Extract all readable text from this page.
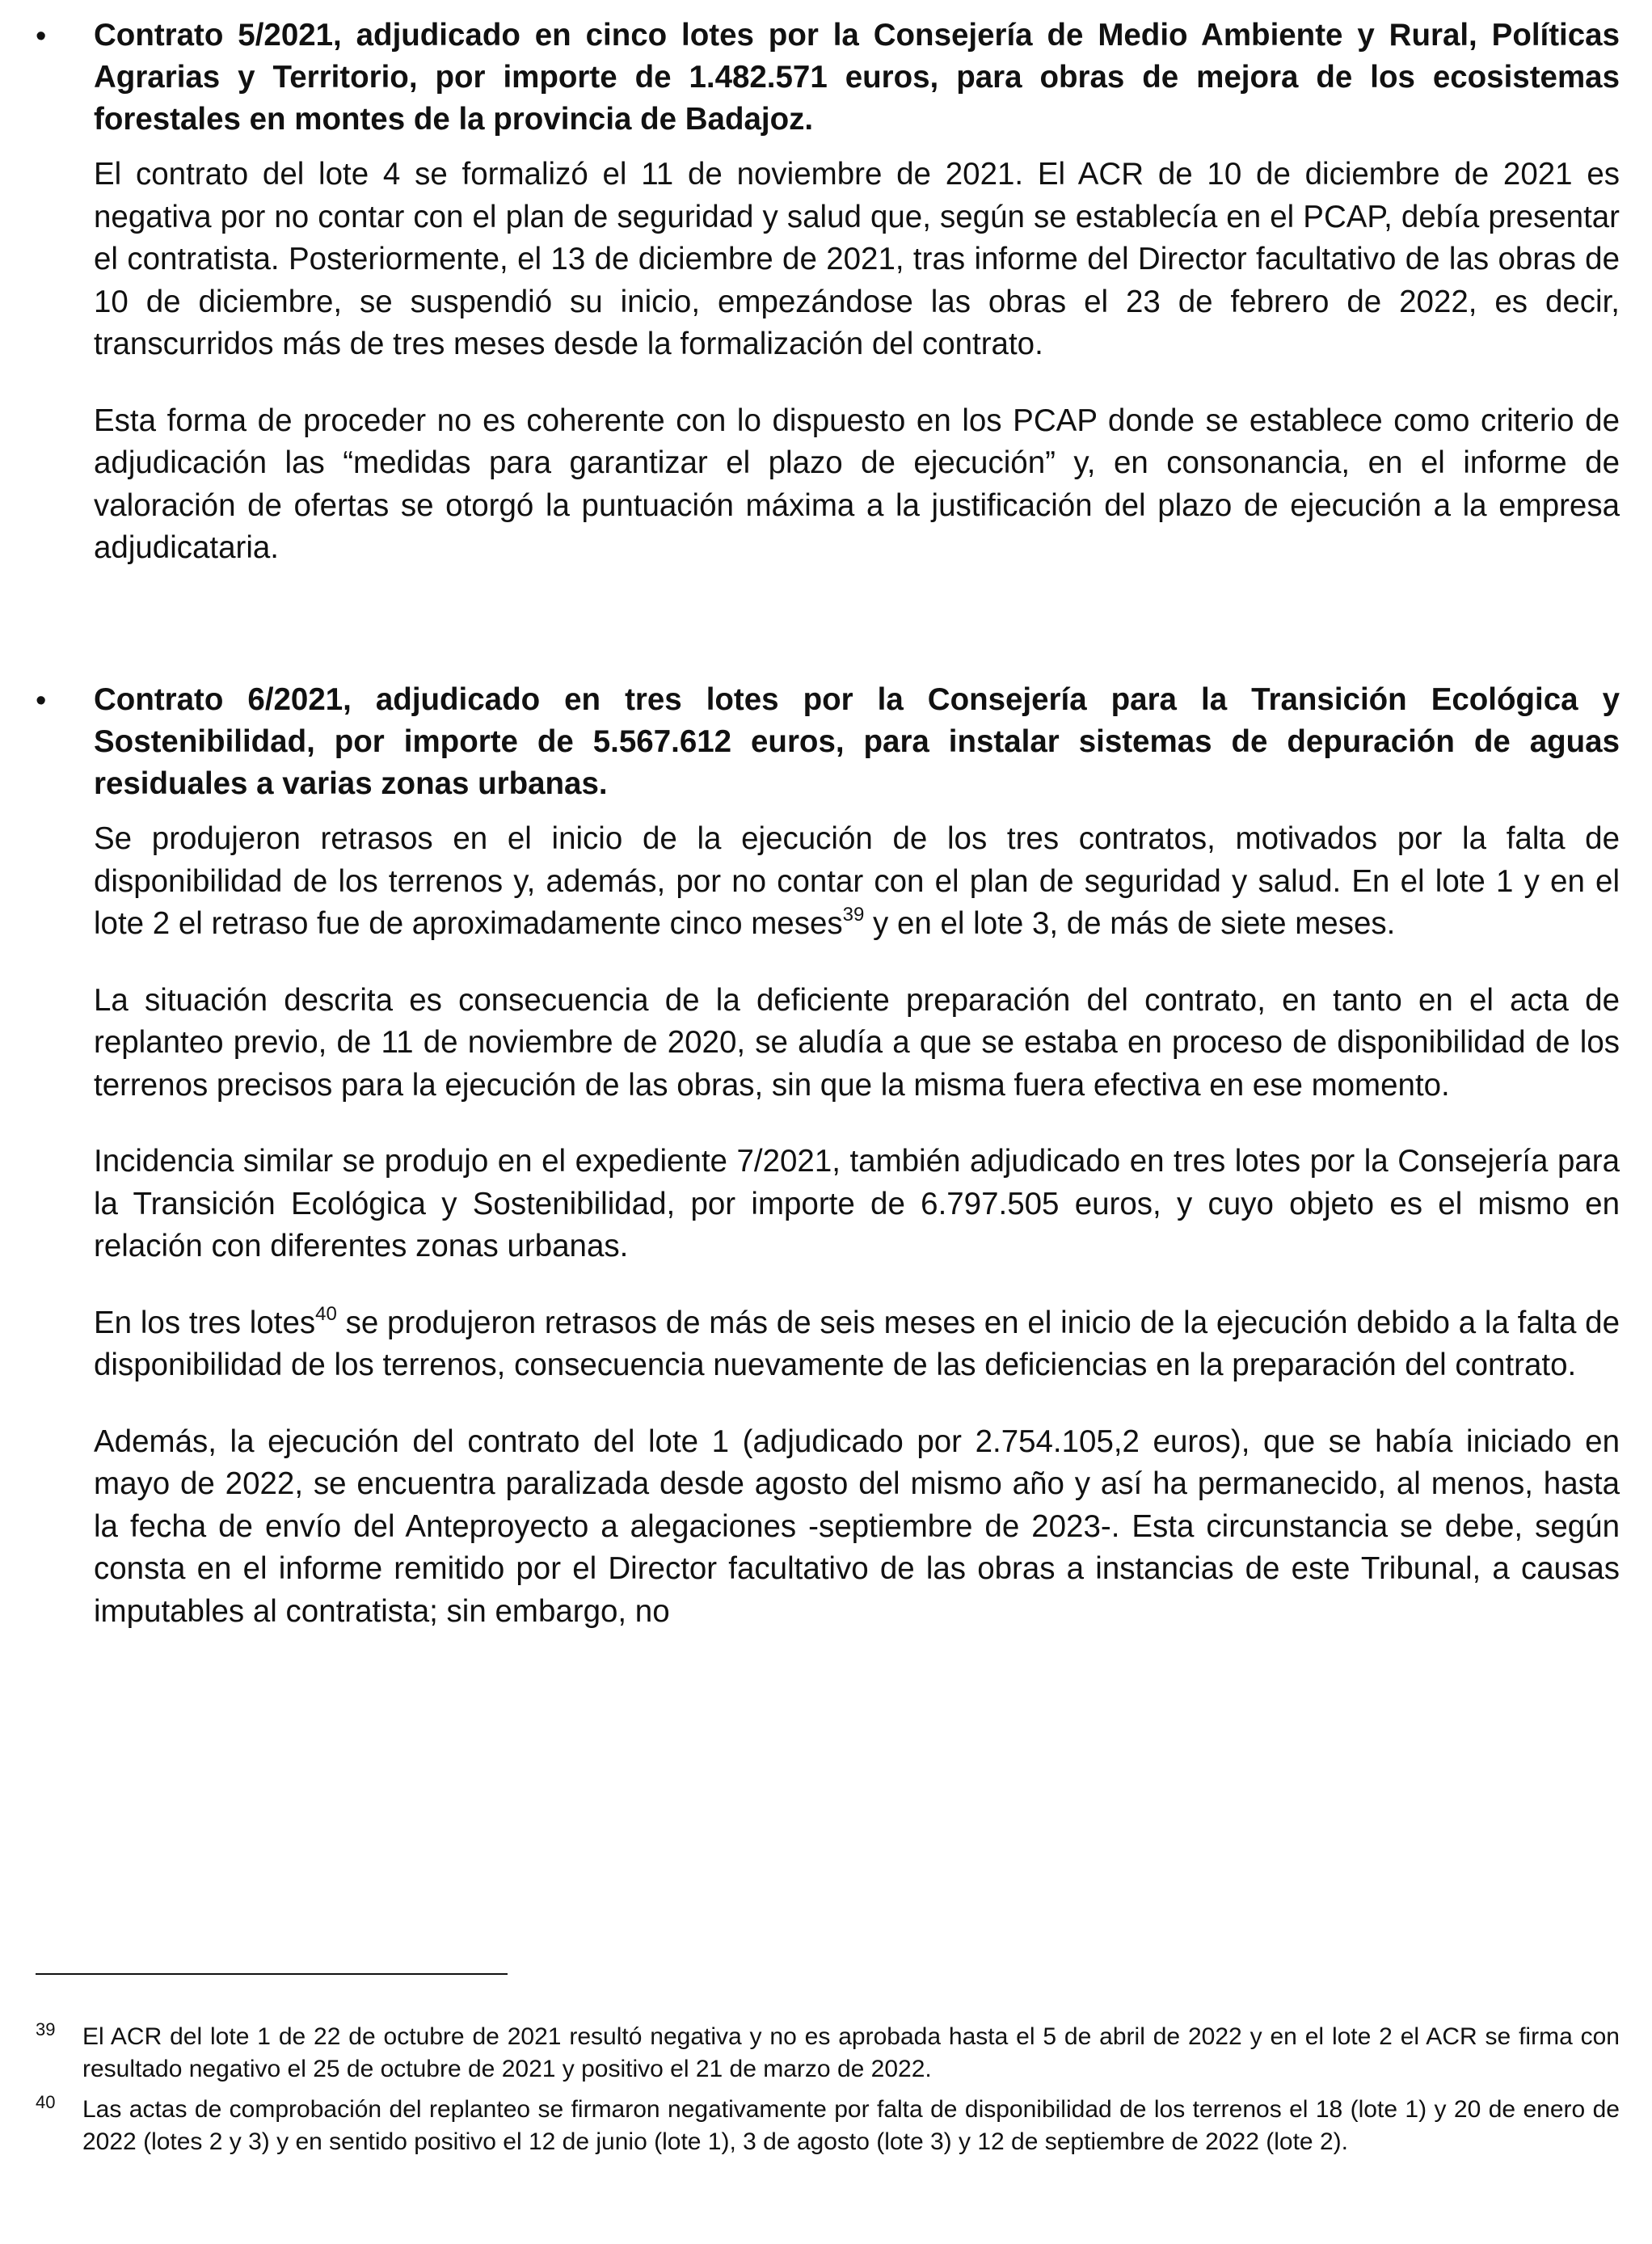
•	Contrato 5/2021, adjudicado en cinco lotes por la Consejería de Medio Ambiente y Rural, Políticas Agrarias y Territorio, por importe de 1.482.571 euros, para obras de mejora de los ecosistemas forestales en montes de la provincia de Badajoz.

El contrato del lote 4 se formalizó el 11 de noviembre de 2021. El ACR de 10 de diciembre de 2021 es negativa por no contar con el plan de seguridad y salud que, según se establecía en el PCAP, debía presentar el contratista. Posteriormente, el 13 de diciembre de 2021, tras informe del Director facultativo de las obras de 10 de diciembre, se suspendió su inicio, empezándose las obras el 23 de febrero de 2022, es decir, transcurridos más de tres meses desde la formalización del contrato.

Esta forma de proceder no es coherente con lo dispuesto en los PCAP donde se establece como criterio de adjudicación las “medidas para garantizar el plazo de ejecución” y, en consonancia, en el informe de valoración de ofertas se otorgó la puntuación máxima a la justificación del plazo de ejecución a la empresa adjudicataria.

•	Contrato 6/2021, adjudicado en tres lotes por la Consejería para la Transición Ecológica y Sostenibilidad, por importe de 5.567.612 euros, para instalar sistemas de depuración de aguas residuales a varias zonas urbanas.

Se produjeron retrasos en el inicio de la ejecución de los tres contratos, motivados por la falta de disponibilidad de los terrenos y, además, por no contar con el plan de seguridad y salud. En el lote 1 y en el lote 2 el retraso fue de aproximadamente cinco meses$^{39}$ y en el lote 3, de más de siete meses.

La situación descrita es consecuencia de la deficiente preparación del contrato, en tanto en el acta de replanteo previo, de 11 de noviembre de 2020, se aludía a que se estaba en proceso de disponibilidad de los terrenos precisos para la ejecución de las obras, sin que la misma fuera efectiva en ese momento.

Incidencia similar se produjo en el expediente 7/2021, también adjudicado en tres lotes por la Consejería para la Transición Ecológica y Sostenibilidad, por importe de 6.797.505 euros, y cuyo objeto es el mismo en relación con diferentes zonas urbanas.

En los tres lotes$^{40}$ se produjeron retrasos de más de seis meses en el inicio de la ejecución debido a la falta de disponibilidad de los terrenos, consecuencia nuevamente de las deficiencias en la preparación del contrato.

Además, la ejecución del contrato del lote 1 (adjudicado por 2.754.105,2 euros), que se había iniciado en mayo de 2022, se encuentra paralizada desde agosto del mismo año y así ha permanecido, al menos, hasta la fecha de envío del Anteproyecto a alegaciones -septiembre de 2023-. Esta circunstancia se debe, según consta en el informe remitido por el Director facultativo de las obras a instancias de este Tribunal, a causas imputables al contratista; sin embargo, no

39 El ACR del lote 1 de 22 de octubre de 2021 resultó negativa y no es aprobada hasta el 5 de abril de 2022 y en el lote 2 el ACR se firma con resultado negativo el 25 de octubre de 2021 y positivo el 21 de marzo de 2022.

40 Las actas de comprobación del replanteo se firmaron negativamente por falta de disponibilidad de los terrenos el 18 (lote 1) y 20 de enero de 2022 (lotes 2 y 3) y en sentido positivo el 12 de junio (lote 1), 3 de agosto (lote 3) y 12 de septiembre de 2022 (lote 2).
